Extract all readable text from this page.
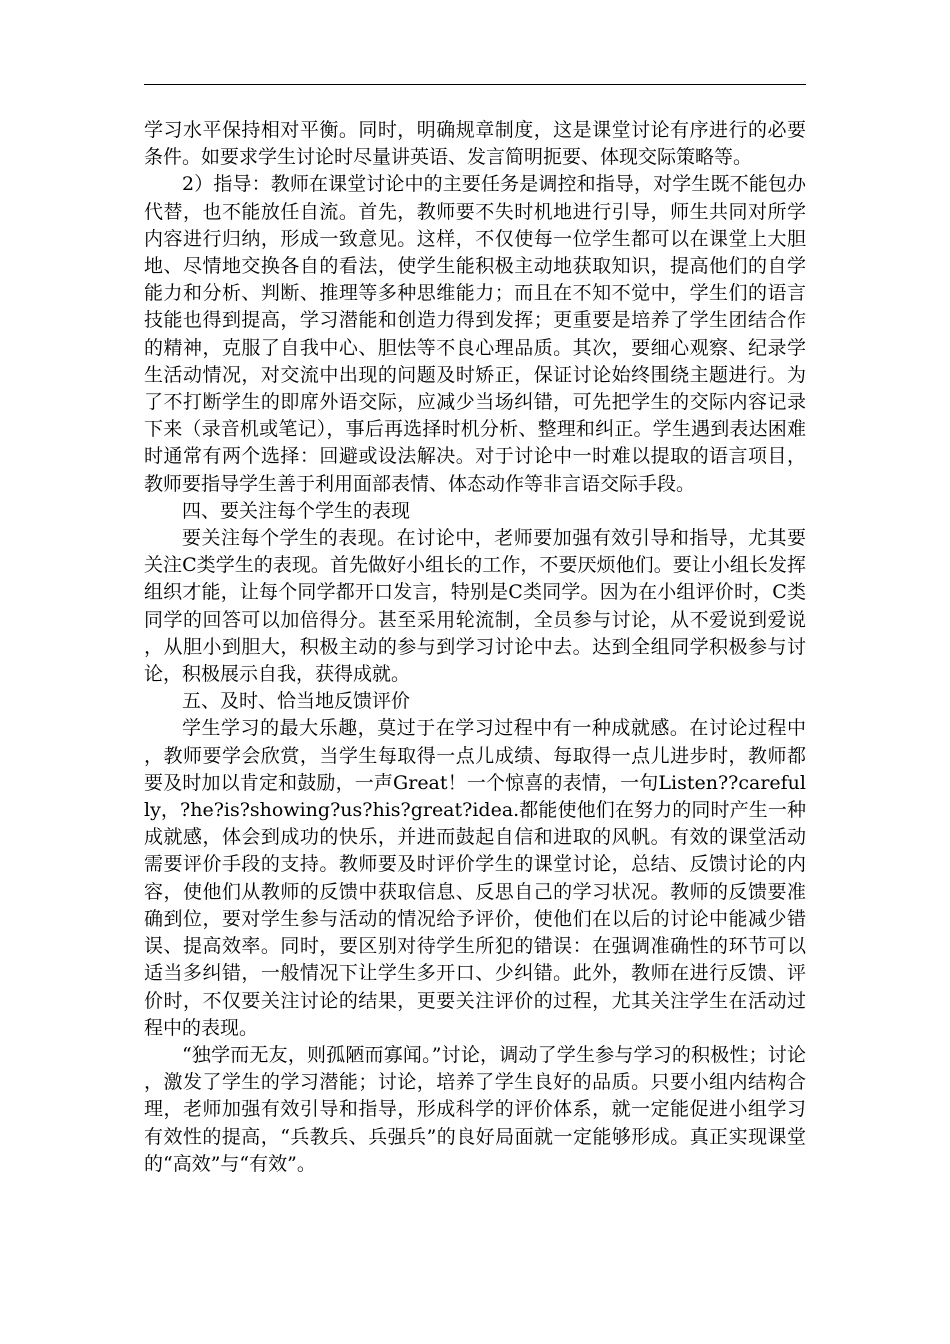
学习水平保持相对平衡。同时，明确规章制度，这是课堂讨论有序进行的必要条件。如要求学生讨论时尽量讲英语、发言简明扼要、体现交际策略等。

2）指导：教师在课堂讨论中的主要任务是调控和指导，对学生既不能包办代替，也不能放任自流。首先，教师要不失时机地进行引导，师生共同对所学内容进行归纳，形成一致意见。这样，不仅使每一位学生都可以在课堂上大胆地、尽情地交换各自的看法，使学生能积极主动地获取知识，提高他们的自学能力和分析、判断、推理等多种思维能力；而且在不知不觉中，学生们的语言技能也得到提高，学习潜能和创造力得到发挥；更重要是培养了学生团结合作的精神，克服了自我中心、胆怯等不良心理品质。其次，要细心观察、纪录学生活动情况，对交流中出现的问题及时矫正，保证讨论始终围绕主题进行。为了不打断学生的即席外语交际，应减少当场纠错，可先把学生的交际内容记录下来（录音机或笔记），事后再选择时机分析、整理和纠正。学生遇到表达困难时通常有两个选择：回避或设法解决。对于讨论中一时难以提取的语言项目，教师要指导学生善于利用面部表情、体态动作等非言语交际手段。

四、要关注每个学生的表现

要关注每个学生的表现。在讨论中，老师要加强有效引导和指导，尤其要关注C类学生的表现。首先做好小组长的工作，不要厌烦他们。要让小组长发挥组织才能，让每个同学都开口发言，特别是C类同学。因为在小组评价时，C类同学的回答可以加倍得分。甚至采用轮流制，全员参与讨论，从不爱说到爱说，从胆小到胆大，积极主动的参与到学习讨论中去。达到全组同学积极参与讨论，积极展示自我，获得成就。

五、及时、恰当地反馈评价

学生学习的最大乐趣，莫过于在学习过程中有一种成就感。在讨论过程中，教师要学会欣赏，当学生每取得一点儿成绩、每取得一点儿进步时，教师都要及时加以肯定和鼓励，一声Great！一个惊喜的表情，一句Listen??carefully，?he?is?showing?us?his?great?idea.都能使他们在努力的同时产生一种成就感，体会到成功的快乐，并进而鼓起自信和进取的风帆。有效的课堂活动需要评价手段的支持。教师要及时评价学生的课堂讨论，总结、反馈讨论的内容，使他们从教师的反馈中获取信息、反思自己的学习状况。教师的反馈要准确到位，要对学生参与活动的情况给予评价，使他们在以后的讨论中能减少错误、提高效率。同时，要区别对待学生所犯的错误：在强调准确性的环节可以适当多纠错，一般情况下让学生多开口、少纠错。此外，教师在进行反馈、评价时，不仅要关注讨论的结果，更要关注评价的过程，尤其关注学生在活动过程中的表现。

“独学而无友，则孤陋而寡闻。”讨论，调动了学生参与学习的积极性；讨论，激发了学生的学习潜能；讨论，培养了学生良好的品质。只要小组内结构合理，老师加强有效引导和指导，形成科学的评价体系，就一定能促进小组学习有效性的提高，“兵教兵、兵强兵”的良好局面就一定能够形成。真正实现课堂的“高效”与“有效”。
